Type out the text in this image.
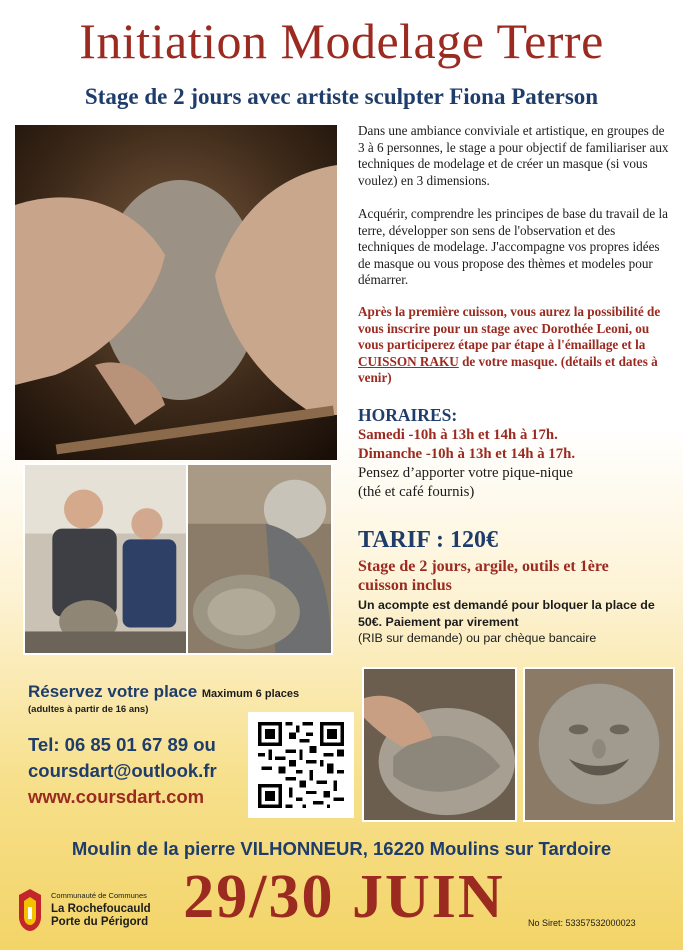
Initiation Modelage Terre
Stage de 2 jours avec artiste sculpter Fiona Paterson
Dans une ambiance conviviale et artistique, en groupes de 3 à 6 personnes, le stage a pour objectif de familiariser aux techniques de modelage et de créer un masque (si vous voulez) en 3 dimensions.
Acquérir, comprendre les principes de base du travail de la terre, développer son sens de l'observation et des techniques de modelage. J'accompagne vos propres idées de masque ou vous propose des thèmes et modeles pour démarrer.
Après la première cuisson, vous aurez la possibilité de vous inscrire pour un stage avec Dorothée Leoni, ou vous participerez étape par étape à l'émaillage et la CUISSON RAKU de votre masque. (détails et dates à venir)
HORAIRES:
Samedi -10h à 13h et 14h à 17h.
Dimanche -10h à 13h et 14h à 17h.
Pensez d’apporter votre pique-nique
(thé et café fournis)
TARIF : 120€
Stage de 2 jours, argile, outils et 1ère cuisson inclus
Un acompte est demandé pour bloquer la place de 50€. Paiement par virement
(RIB sur demande) ou par chèque bancaire
Réservez votre place Maximum 6 places
(adultes à partir de 16 ans)
Tel: 06 85 01 67 89 ou
coursdart@outlook.fr
www.coursdart.com
Moulin de la pierre VILHONNEUR, 16220 Moulins sur Tardoire
Communauté de Communes
La Rochefoucauld
Porte du Périgord 29/30 JUIN	No Siret: 53357532000023
